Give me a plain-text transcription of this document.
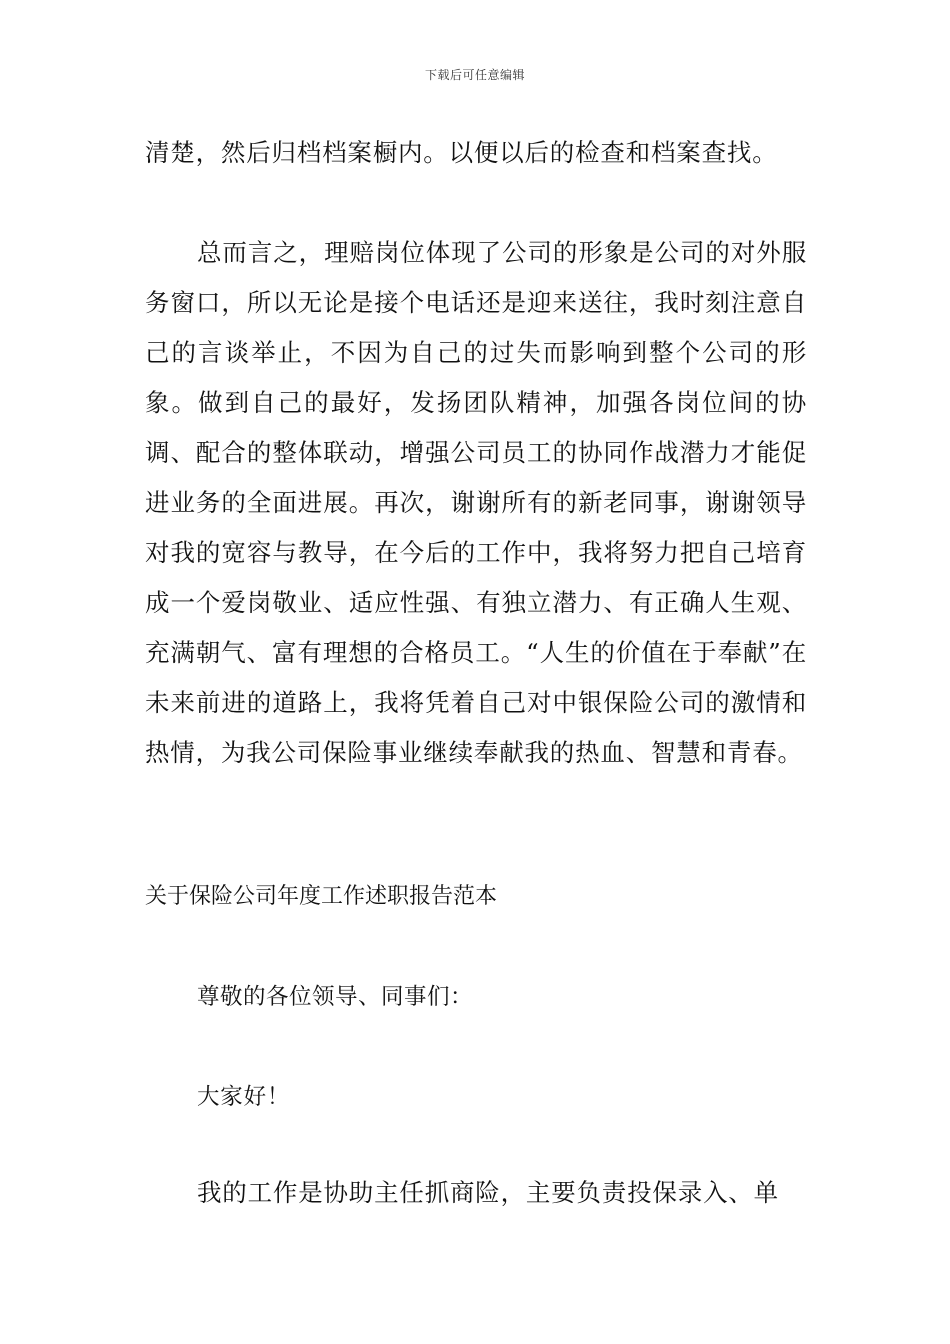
下载后可任意编辑

清楚，然后归档档案橱内。以便以后的检查和档案查找。

总而言之，理赔岗位体现了公司的形象是公司的对外服务窗口，所以无论是接个电话还是迎来送往，我时刻注意自己的言谈举止，不因为自己的过失而影响到整个公司的形象。做到自己的最好，发扬团队精神，加强各岗位间的协调、配合的整体联动，增强公司员工的协同作战潜力才能促进业务的全面进展。再次，谢谢所有的新老同事，谢谢领导对我的宽容与教导，在今后的工作中，我将努力把自己培育成一个爱岗敬业、适应性强、有独立潜力、有正确人生观、充满朝气、富有理想的合格员工。“人生的价值在于奉献”在未来前进的道路上，我将凭着自己对中银保险公司的激情和热情，为我公司保险事业继续奉献我的热血、智慧和青春。

关于保险公司年度工作述职报告范本

尊敬的各位领导、同事们：

大家好！

我的工作是协助主任抓商险，主要负责投保录入、单
